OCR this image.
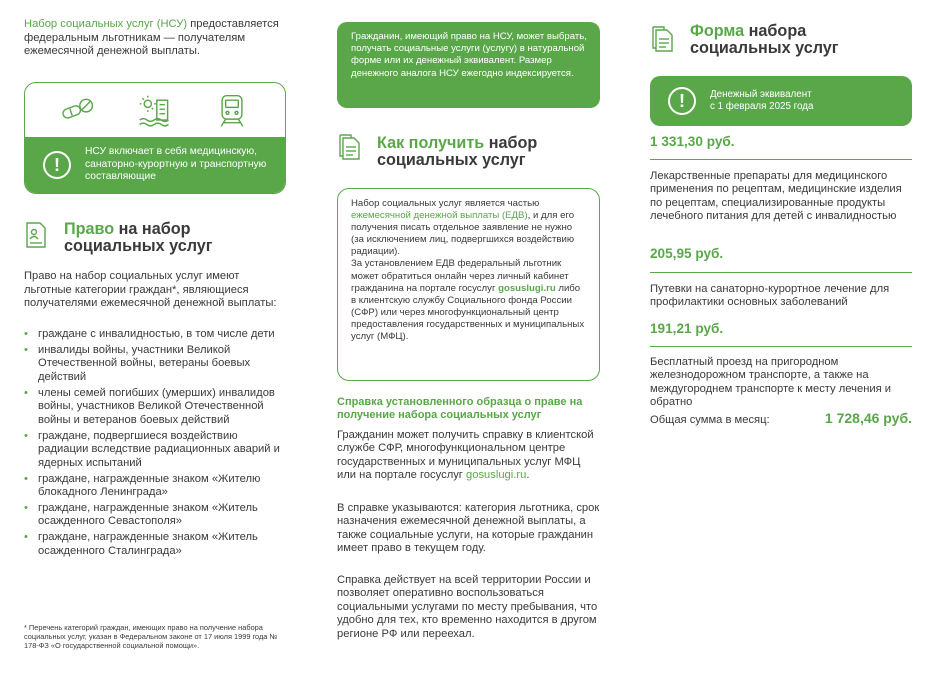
Набор социальных услуг (НСУ) предоставляется федеральным льготникам — получателям ежемесячной денежной выплаты.
!
НСУ включает в себя медицинскую, санаторно-курортную и транспортную составляющие
Право на набор
социальных услуг
Право на набор социальных услуг имеют льготные категории граждан*, являющиеся получателями ежемесячной денежной выплаты:
• граждане с инвалидностью, в том числе дети
• инвалиды войны, участники Великой Отечественной войны, ветераны боевых действий
• члены семей погибших (умерших) инвалидов войны, участников Великой Отечественной войны и ветеранов боевых действий
• граждане, подвергшиеся воздействию радиации вследствие радиационных аварий и ядерных испытаний
• граждане, награжденные знаком «Жителю блокадного Ленинграда»
• граждане, награжденные знаком «Житель осажденного Севастополя»
• граждане, награжденные знаком «Житель осажденного Сталинграда»
* Перечень категорий граждан, имеющих право на получение набора социальных услуг, указан в Федеральном законе от 17 июля 1999 года № 178-ФЗ «О государственной социальной помощи».
Гражданин, имеющий право на НСУ, может выбрать, получать социальные услуги (услугу) в натуральной форме или их денежный эквивалент. Размер денежного аналога НСУ ежегодно индексируется.
Как получить набор
социальных услуг

Набор социальных услуг является частью ежемесячной денежной выплаты (ЕДВ), и для его получения писать отдельное заявление не нужно (за исключением лиц, подвергшихся воздействию радиации).

За установлением ЕДВ федеральный льготник может обратиться онлайн через личный кабинет гражданина на портале госуслуг gosuslugi.ru либо в клиентскую службу Социального фонда России (СФР) или через многофункциональный центр предоставления государственных и муниципальных услуг (МФЦ).

Справка установленного образца о праве на получение набора социальных услуг
Гражданин может получить справку в клиентской службе СФР, многофункциональном центре государственных и муниципальных услуг МФЦ или на портале госуслуг gosuslugi.ru.
В справке указываются: категория льготника, срок назначения ежемесячной денежной выплаты, а также социальные услуги, на которые гражданин имеет право в текущем году.
Справка действует на всей территории России и позволяет оперативно воспользоваться социальными услугами по месту пребывания, что удобно для тех, кто временно находится в другом регионе РФ или переехал.
Форма набора
социальных услуг
!	Денежный эквивалент
с 1 февраля 2025 года
1 331,30 руб.
Лекарственные препараты для медицинского применения по рецептам, медицинские изделия по рецептам, специализированные продукты лечебного питания для детей с инвалидностью
205,95 руб.
Путевки на санаторно-курортное лечение для профилактики основных заболеваний
191,21 руб.
Бесплатный проезд на пригородном железнодорожном транспорте, а также на междугороднем транспорте к месту лечения и обратно
Общая сумма в месяц:	1 728,46 руб.
